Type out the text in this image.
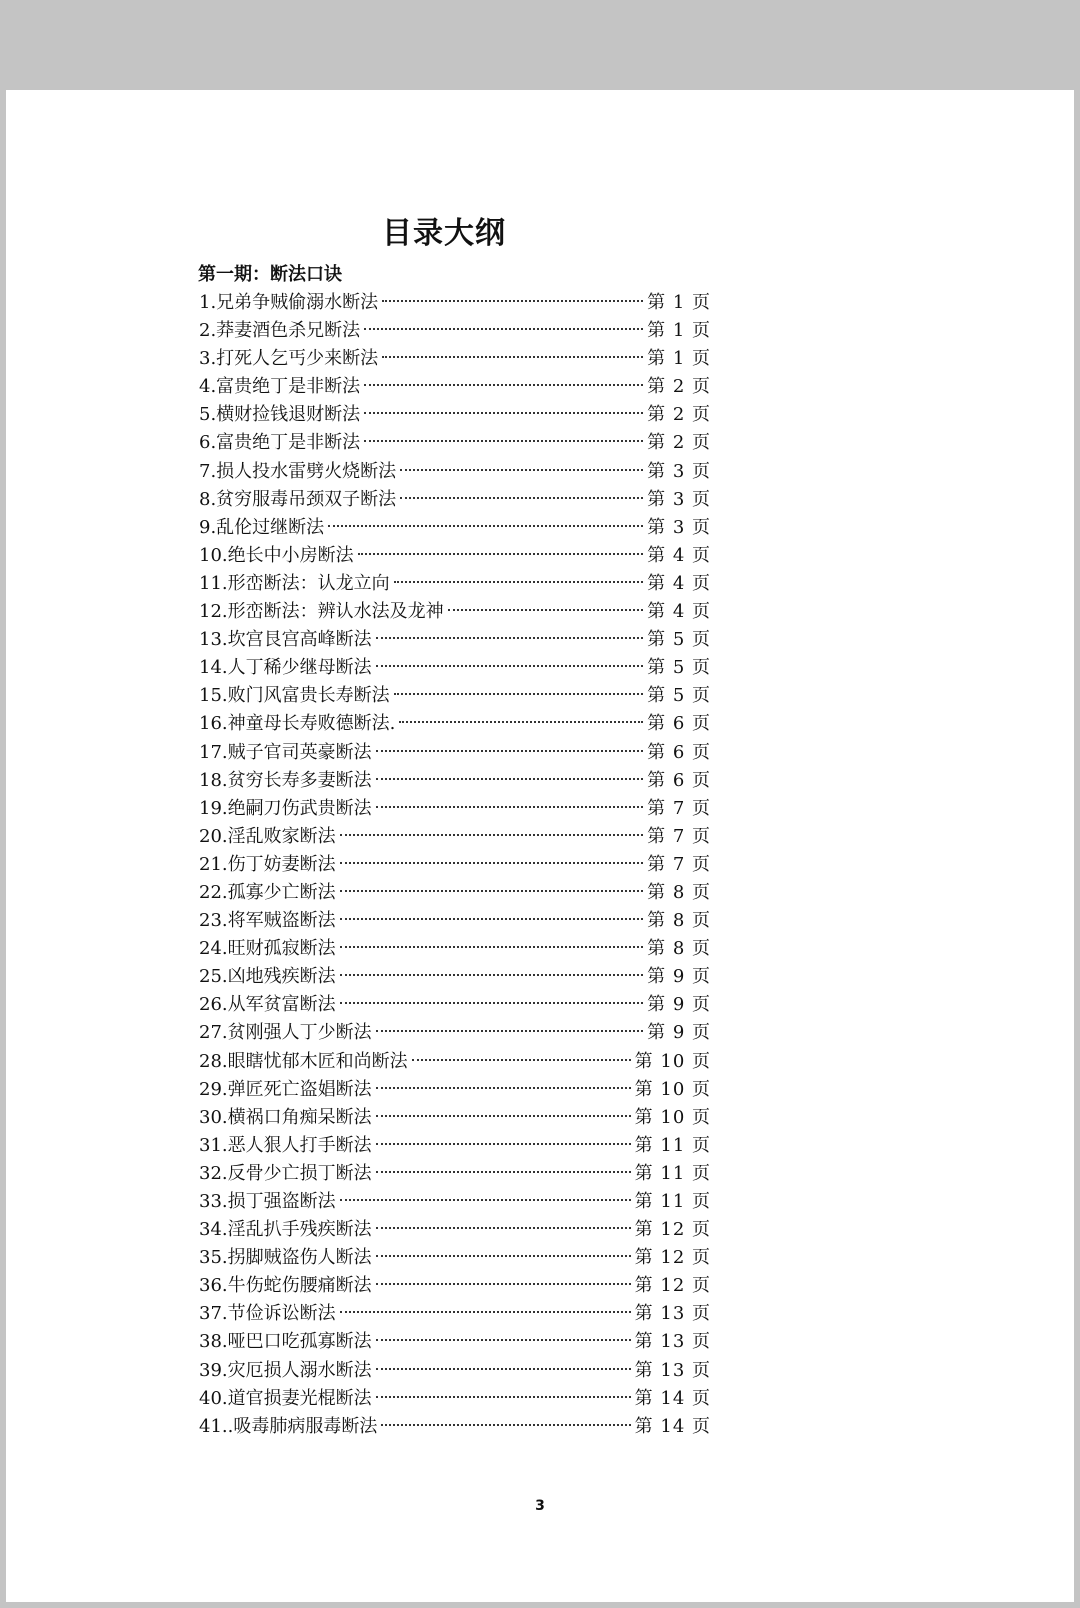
目录大纲
第一期：断法口诀
1.兄弟争贼偷溺水断法	第 1 页
2.莽妻酒色杀兄断法	第 1 页
3.打死人乞丐少来断法	第 1 页
4.富贵绝丁是非断法	第 2 页
5.横财捡钱退财断法	第 2 页
6.富贵绝丁是非断法	第 2 页
7.损人投水雷劈火烧断法	第 3 页
8.贫穷服毒吊颈双子断法	第 3 页
9.乱伦过继断法	第 3 页
10.绝长中小房断法	第 4 页
11.形峦断法：认龙立向	第 4 页
12.形峦断法：辨认水法及龙神	第 4 页
13.坎宫艮宫高峰断法	第 5 页
14.人丁稀少继母断法	第 5 页
15.败门风富贵长寿断法	第 5 页
16.神童母长寿败德断法.	第 6 页
17.贼子官司英豪断法	第 6 页
18.贫穷长寿多妻断法	第 6 页
19.绝嗣刀伤武贵断法	第 7 页
20.淫乱败家断法	第 7 页
21.伤丁妨妻断法	第 7 页
22.孤寡少亡断法	第 8 页
23.将军贼盗断法	第 8 页
24.旺财孤寂断法	第 8 页
25.凶地残疾断法	第 9 页
26.从军贫富断法	第 9 页
27.贫刚强人丁少断法	第 9 页
28.眼瞎忧郁木匠和尚断法	第 10 页
29.弹匠死亡盗娼断法	第 10 页
30.横祸口角痴呆断法	第 10 页
31.恶人狠人打手断法	第 11 页
32.反骨少亡损丁断法	第 11 页
33.损丁强盗断法	第 11 页
34.淫乱扒手残疾断法	第 12 页
35.拐脚贼盗伤人断法	第 12 页
36.牛伤蛇伤腰痛断法	第 12 页
37.节俭诉讼断法	第 13 页
38.哑巴口吃孤寡断法	第 13 页
39.灾厄损人溺水断法	第 13 页
40.道官损妻光棍断法	第 14 页
41..吸毒肺病服毒断法	第 14 页
3
